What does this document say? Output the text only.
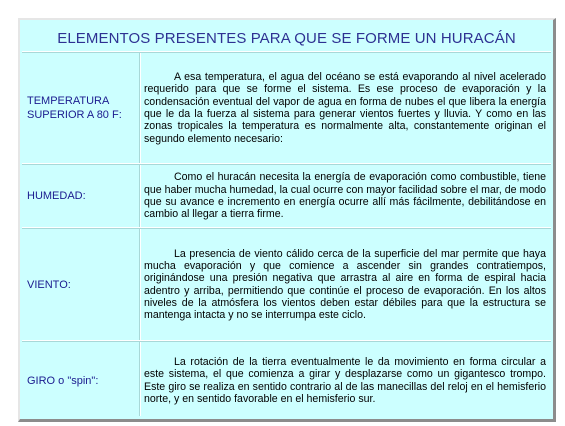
ELEMENTOS PRESENTES PARA QUE SE FORME UN HURACÁN
TEMPERATURA SUPERIOR A 80 F:

A esa temperatura, el agua del océano se está evaporando al nivel acelerado requerido para que se forme el sistema. Es ese proceso de evaporación y la condensación eventual del vapor de agua en forma de nubes el que libera la energía que le da la fuerza al sistema para generar vientos fuertes y lluvia. Y como en las zonas tropicales la temperatura es normalmente alta, constantemente originan el segundo elemento necesario:

HUMEDAD:

Como el huracán necesita la energía de evaporación como combustible, tiene que haber mucha humedad, la cual ocurre con mayor facilidad sobre el mar, de modo que su avance e incremento en energía ocurre allí más fácilmente, debilitándose en cambio al llegar a tierra firme.

VIENTO:

La presencia de viento cálido cerca de la superficie del mar permite que haya mucha evaporación y que comience a ascender sin grandes contratiempos, originándose una presión negativa que arrastra al aire en forma de espiral hacia adentro y arriba, permitiendo que continúe el proceso de evaporación. En los altos niveles de la atmósfera los vientos deben estar débiles para que la estructura se mantenga intacta y no se interrumpa este ciclo.

GIRO o "spin":

La rotación de la tierra eventualmente le da movimiento en forma circular a este sistema, el que comienza a girar y desplazarse como un gigantesco trompo. Este giro se realiza en sentido contrario al de las manecillas del reloj en el hemisferio norte, y en sentido favorable en el hemisferio sur.
